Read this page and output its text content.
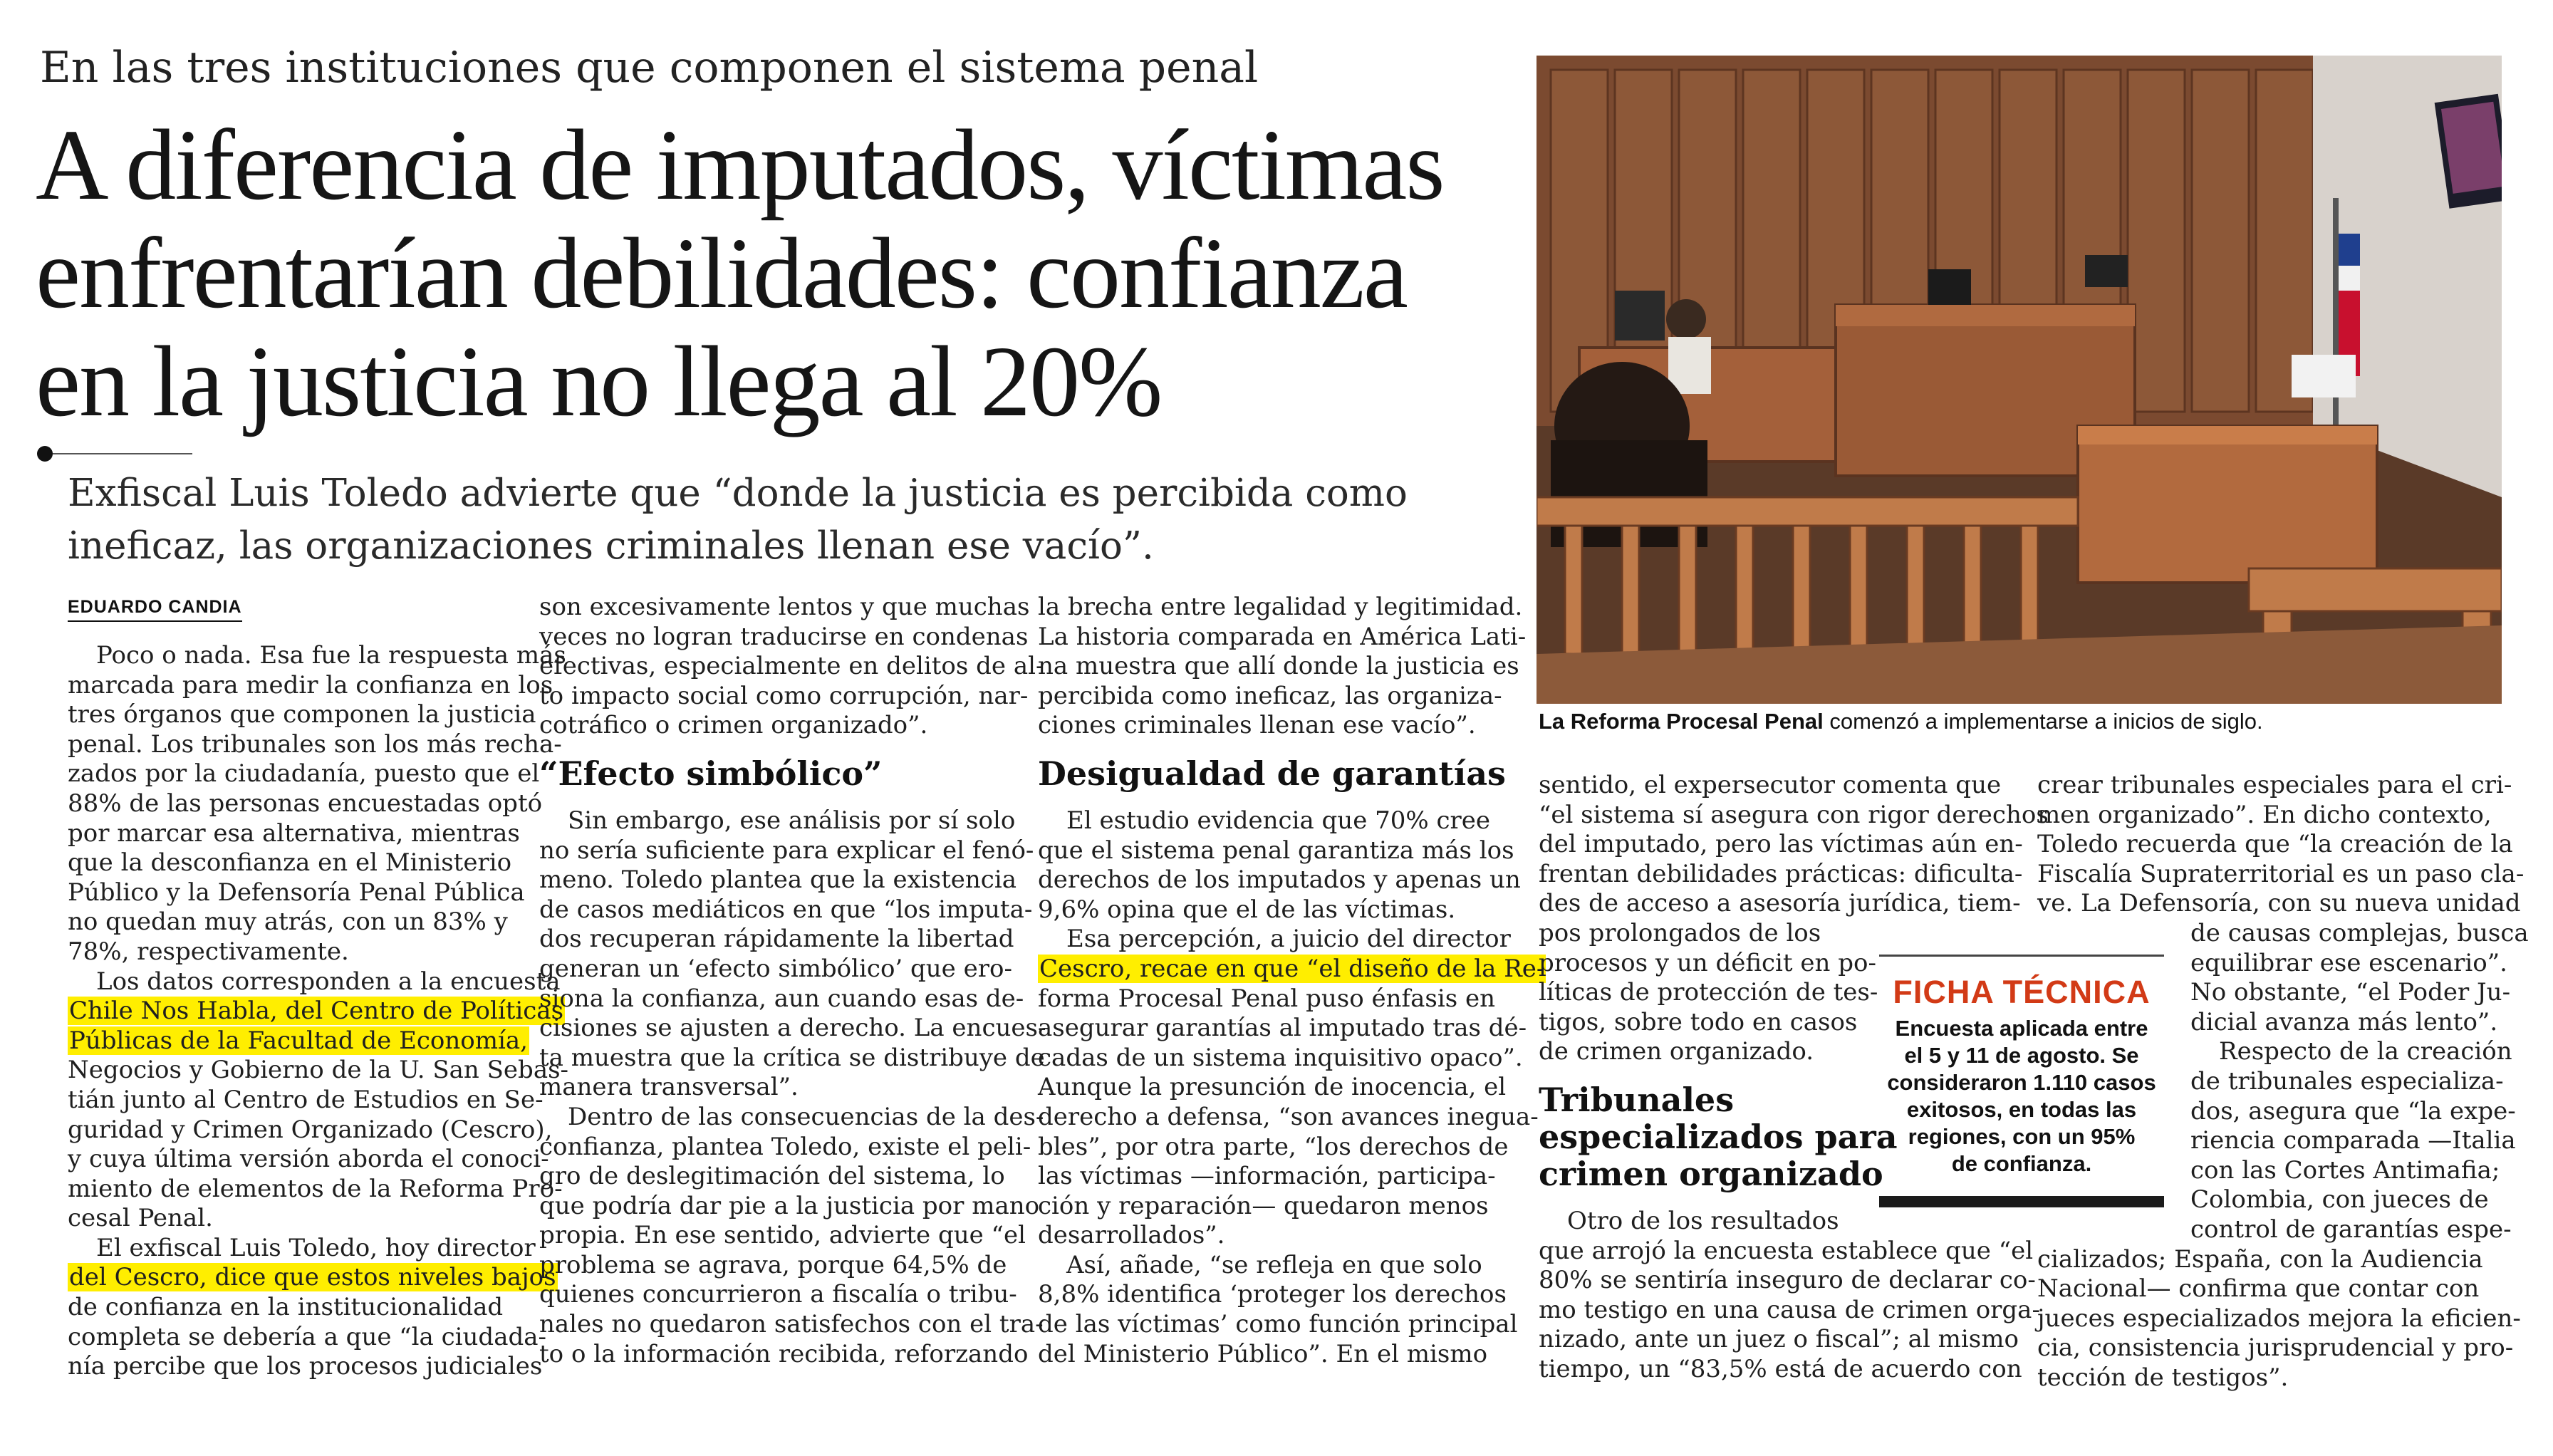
En las tres instituciones que componen el sistema penal
A diferencia de imputados, víctimas
enfrentarían debilidades: confianza
en la justicia no llega al 20%
Exfiscal Luis Toledo advierte que “donde la justicia es percibida como
ineficaz, las organizaciones criminales llenan ese vacío”.
EDUARDO CANDIA
Poco o nada. Esa fue la respuesta más
marcada para medir la confianza en los
tres órganos que componen la justicia
penal. Los tribunales son los más recha-
zados por la ciudadanía, puesto que el
88% de las personas encuestadas optó
por marcar esa alternativa, mientras
que la desconfianza en el Ministerio
Público y la Defensoría Penal Pública
no quedan muy atrás, con un 83% y
78%, respectivamente.
Los datos corresponden a la encuesta
Chile Nos Habla, del Centro de Políticas
Públicas de la Facultad de Economía,
Negocios y Gobierno de la U. San Sebas-
tián junto al Centro de Estudios en Se-
guridad y Crimen Organizado (Cescro),
y cuya última versión aborda el conoci-
miento de elementos de la Reforma Pro-
cesal Penal.
El exfiscal Luis Toledo, hoy director
del Cescro, dice que estos niveles bajos
de confianza en la institucionalidad
completa se debería a que “la ciudada-
nía percibe que los procesos judiciales
son excesivamente lentos y que muchas
veces no logran traducirse en condenas
efectivas, especialmente en delitos de al-
to impacto social como corrupción, nar-
cotráfico o crimen organizado”.
“Efecto simbólico”
Sin embargo, ese análisis por sí solo
no sería suficiente para explicar el fenó-
meno. Toledo plantea que la existencia
de casos mediáticos en que “los imputa-
dos recuperan rápidamente la libertad
generan un ‘efecto simbólico’ que ero-
siona la confianza, aun cuando esas de-
cisiones se ajusten a derecho. La encues-
ta muestra que la crítica se distribuye de
manera transversal”.
Dentro de las consecuencias de la des-
confianza, plantea Toledo, existe el peli-
gro de deslegitimación del sistema, lo
que podría dar pie a la justicia por mano
propia. En ese sentido, advierte que “el
problema se agrava, porque 64,5% de
quienes concurrieron a fiscalía o tribu-
nales no quedaron satisfechos con el tra-
to o la información recibida, reforzando
la brecha entre legalidad y legitimidad.
La historia comparada en América Lati-
na muestra que allí donde la justicia es
percibida como ineficaz, las organiza-
ciones criminales llenan ese vacío”.
Desigualdad de garantías
El estudio evidencia que 70% cree
que el sistema penal garantiza más los
derechos de los imputados y apenas un
9,6% opina que el de las víctimas.
Esa percepción, a juicio del director
Cescro, recae en que “el diseño de la Re-
forma Procesal Penal puso énfasis en
asegurar garantías al imputado tras dé-
cadas de un sistema inquisitivo opaco”.
Aunque la presunción de inocencia, el
derecho a defensa, “son avances inegua-
bles”, por otra parte, “los derechos de
las víctimas —información, participa-
ción y reparación— quedaron menos
desarrollados”.
Así, añade, “se refleja en que solo
8,8% identifica ‘proteger los derechos
de las víctimas’ como función principal
del Ministerio Público”. En el mismo
La Reforma Procesal Penal comenzó a implementarse a inicios de siglo.
sentido, el expersecutor comenta que
“el sistema sí asegura con rigor derechos
del imputado, pero las víctimas aún en-
frentan debilidades prácticas: dificulta-
des de acceso a asesoría jurídica, tiem-
pos prolongados de los
procesos y un déficit en po-
líticas de protección de tes-
tigos, sobre todo en casos
de crimen organizado.
Tribunales
especializados para
crimen organizado
Otro de los resultados
que arrojó la encuesta establece que “el
80% se sentiría inseguro de declarar co-
mo testigo en una causa de crimen orga-
nizado, ante un juez o fiscal”; al mismo
tiempo, un “83,5% está de acuerdo con
FICHA TÉCNICA
Encuesta aplicada entre
el 5 y 11 de agosto. Se
consideraron 1.110 casos
exitosos, en todas las
regiones, con un 95%
de confianza.
crear tribunales especiales para el cri-
men organizado”. En dicho contexto,
Toledo recuerda que “la creación de la
Fiscalía Supraterritorial es un paso cla-
ve. La Defensoría, con su nueva unidad
de causas complejas, busca
equilibrar ese escenario”.
No obstante, “el Poder Ju-
dicial avanza más lento”.
Respecto de la creación
de tribunales especializa-
dos, asegura que “la expe-
riencia comparada —Italia
con las Cortes Antimafia;
Colombia, con jueces de
control de garantías espe-
cializados; España, con la Audiencia
Nacional— confirma que contar con
jueces especializados mejora la eficien-
cia, consistencia jurisprudencial y pro-
tección de testigos”.
